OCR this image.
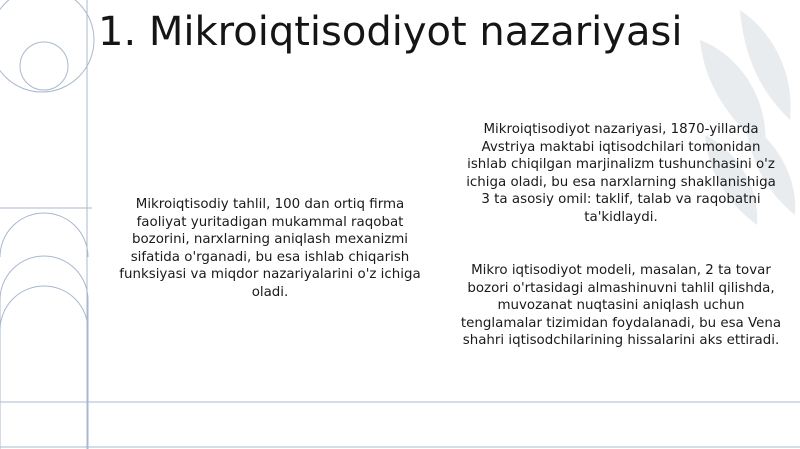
1. Mikroiqtisodiyot nazariyasi
Mikroiqtisodiy tahlil, 100 dan ortiq firma faoliyat yuritadigan mukammal raqobat bozorini, narxlarning aniqlash mexanizmi sifatida o'rganadi, bu esa ishlab chiqarish funksiyasi va miqdor nazariyalarini o'z ichiga oladi.
Mikroiqtisodiyot nazariyasi, 1870-yillarda Avstriya maktabi iqtisodchilari tomonidan ishlab chiqilgan marjinalizm tushunchasini o'z ichiga oladi, bu esa narxlarning shakllanishiga 3 ta asosiy omil: taklif, talab va raqobatni ta'kidlaydi.
Mikro iqtisodiyot modeli, masalan, 2 ta tovar bozori o'rtasidagi almashinuvni tahlil qilishda, muvozanat nuqtasini aniqlash uchun tenglamalar tizimidan foydalanadi, bu esa Vena shahri iqtisodchilarining hissalarini aks ettiradi.
